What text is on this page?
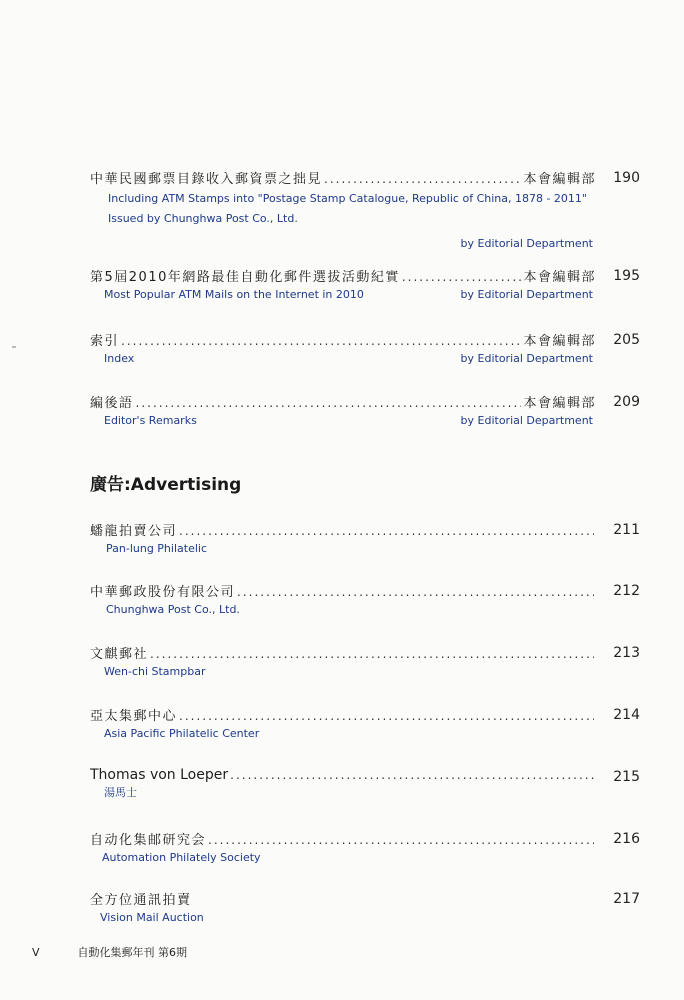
中華民國郵票目錄收入郵資票之拙見 .....	本會編輯部	190
Including ATM Stamps into "Postage Stamp Catalogue, Republic of China, 1878 - 2011"
Issued by Chunghwa Post Co., Ltd.
by Editorial Department
第5屆2010年網路最佳自動化郵件選拔活動紀實 .....	本會編輯部	195
Most Popular ATM Mails on the Internet in 2010	by Editorial Department
索引 .....	本會編輯部	205
Index	by Editorial Department
編後語 .....	本會編輯部	209
Editor's Remarks	by Editorial Department
廣告:Advertising
蟠龍拍賣公司 .....	211
Pan-lung Philatelic
中華郵政股份有限公司 .....	212
Chunghwa Post Co., Ltd.
文麒郵社 .....	213
Wen-chi Stampbar
亞太集郵中心 .....	214
Asia Pacific Philatelic Center
Thomas von Loeper .....	215
湯馬士
自动化集邮研究会 .....	216
Automation Philately Society
全方位通訊拍賣	217
Vision Mail Auction
V	自動化集郵年刊 第6期
